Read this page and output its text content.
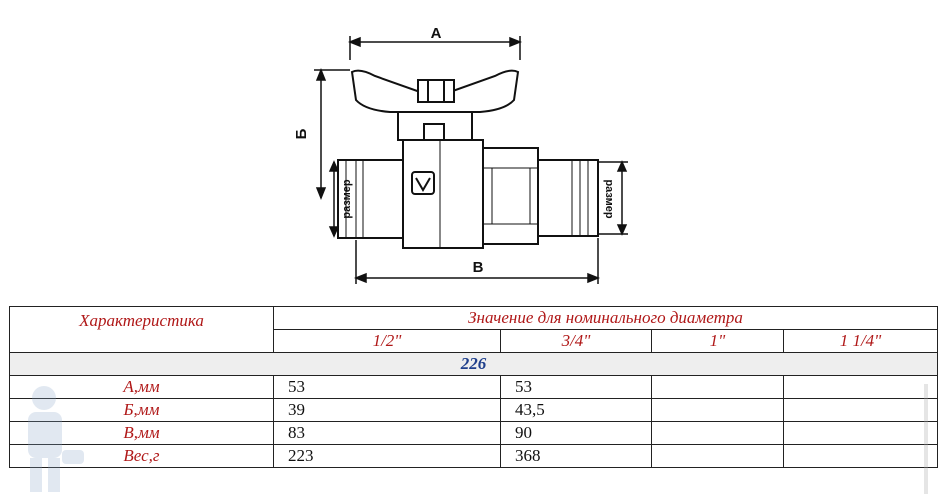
A
Б
размер	размер
B
Характеристика	Значение для номинального диаметра			
	1/2"	3/4"	1"	1 1/4"
226				
A,мм	53	53		
Б,мм	39	43,5		
B,мм	83	90		
Вес,г	223	368		
